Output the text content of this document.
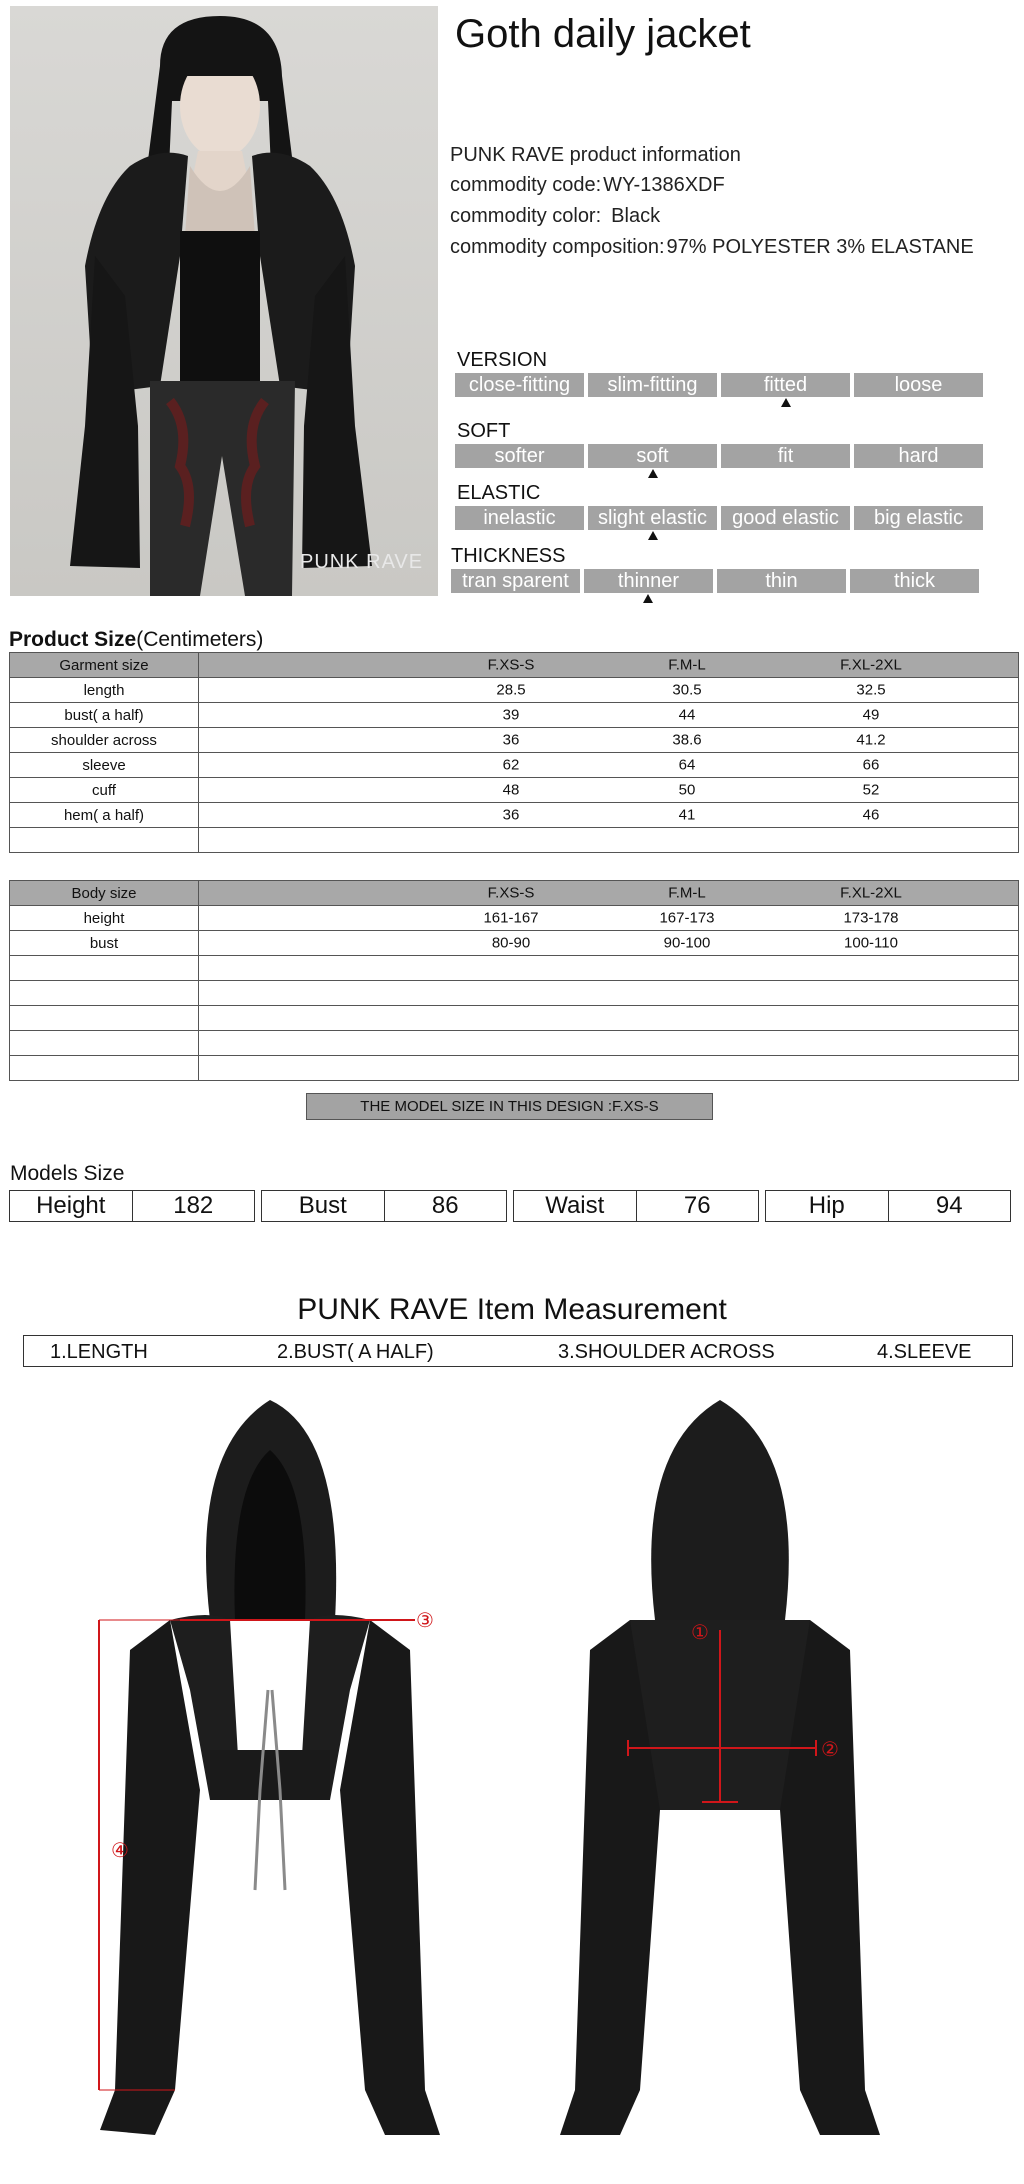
PUNK RAVE
Goth daily jacket
PUNK RAVE product information
commodity code: WY-1386XDF
commodity color: Black
commodity composition: 97% POLYESTER 3% ELASTANE
VERSION
close-fitting	slim-fitting	fitted	loose
SOFT
softer	soft	fit	hard
ELASTIC
inelastic	slight elastic	good elastic	big elastic
THICKNESS
tran sparent	thinner	thin	thick
Product Size(Centimeters)
Garment size	F.XS-S F.M-L F.XL-2XL

length	28.5 30.5 32.5

bust( a half)	39 44 49

shoulder across	36 38.6 41.2

sleeve	62 64 66

cuff	48 50 52

hem( a half)	36 41 46

Body size	F.XS-S F.M-L F.XL-2XL

height	161-167 167-173 173-178

bust	80-90 90-100 100-110

THE MODEL SIZE IN THIS DESIGN :F.XS-S
Models Size
Height	182	Bust	86	Waist	76	Hip	94
PUNK RAVE Item Measurement
1.LENGTH	2.BUST( A HALF)	3.SHOULDER ACROSS	4.SLEEVE
③
④
①
②
